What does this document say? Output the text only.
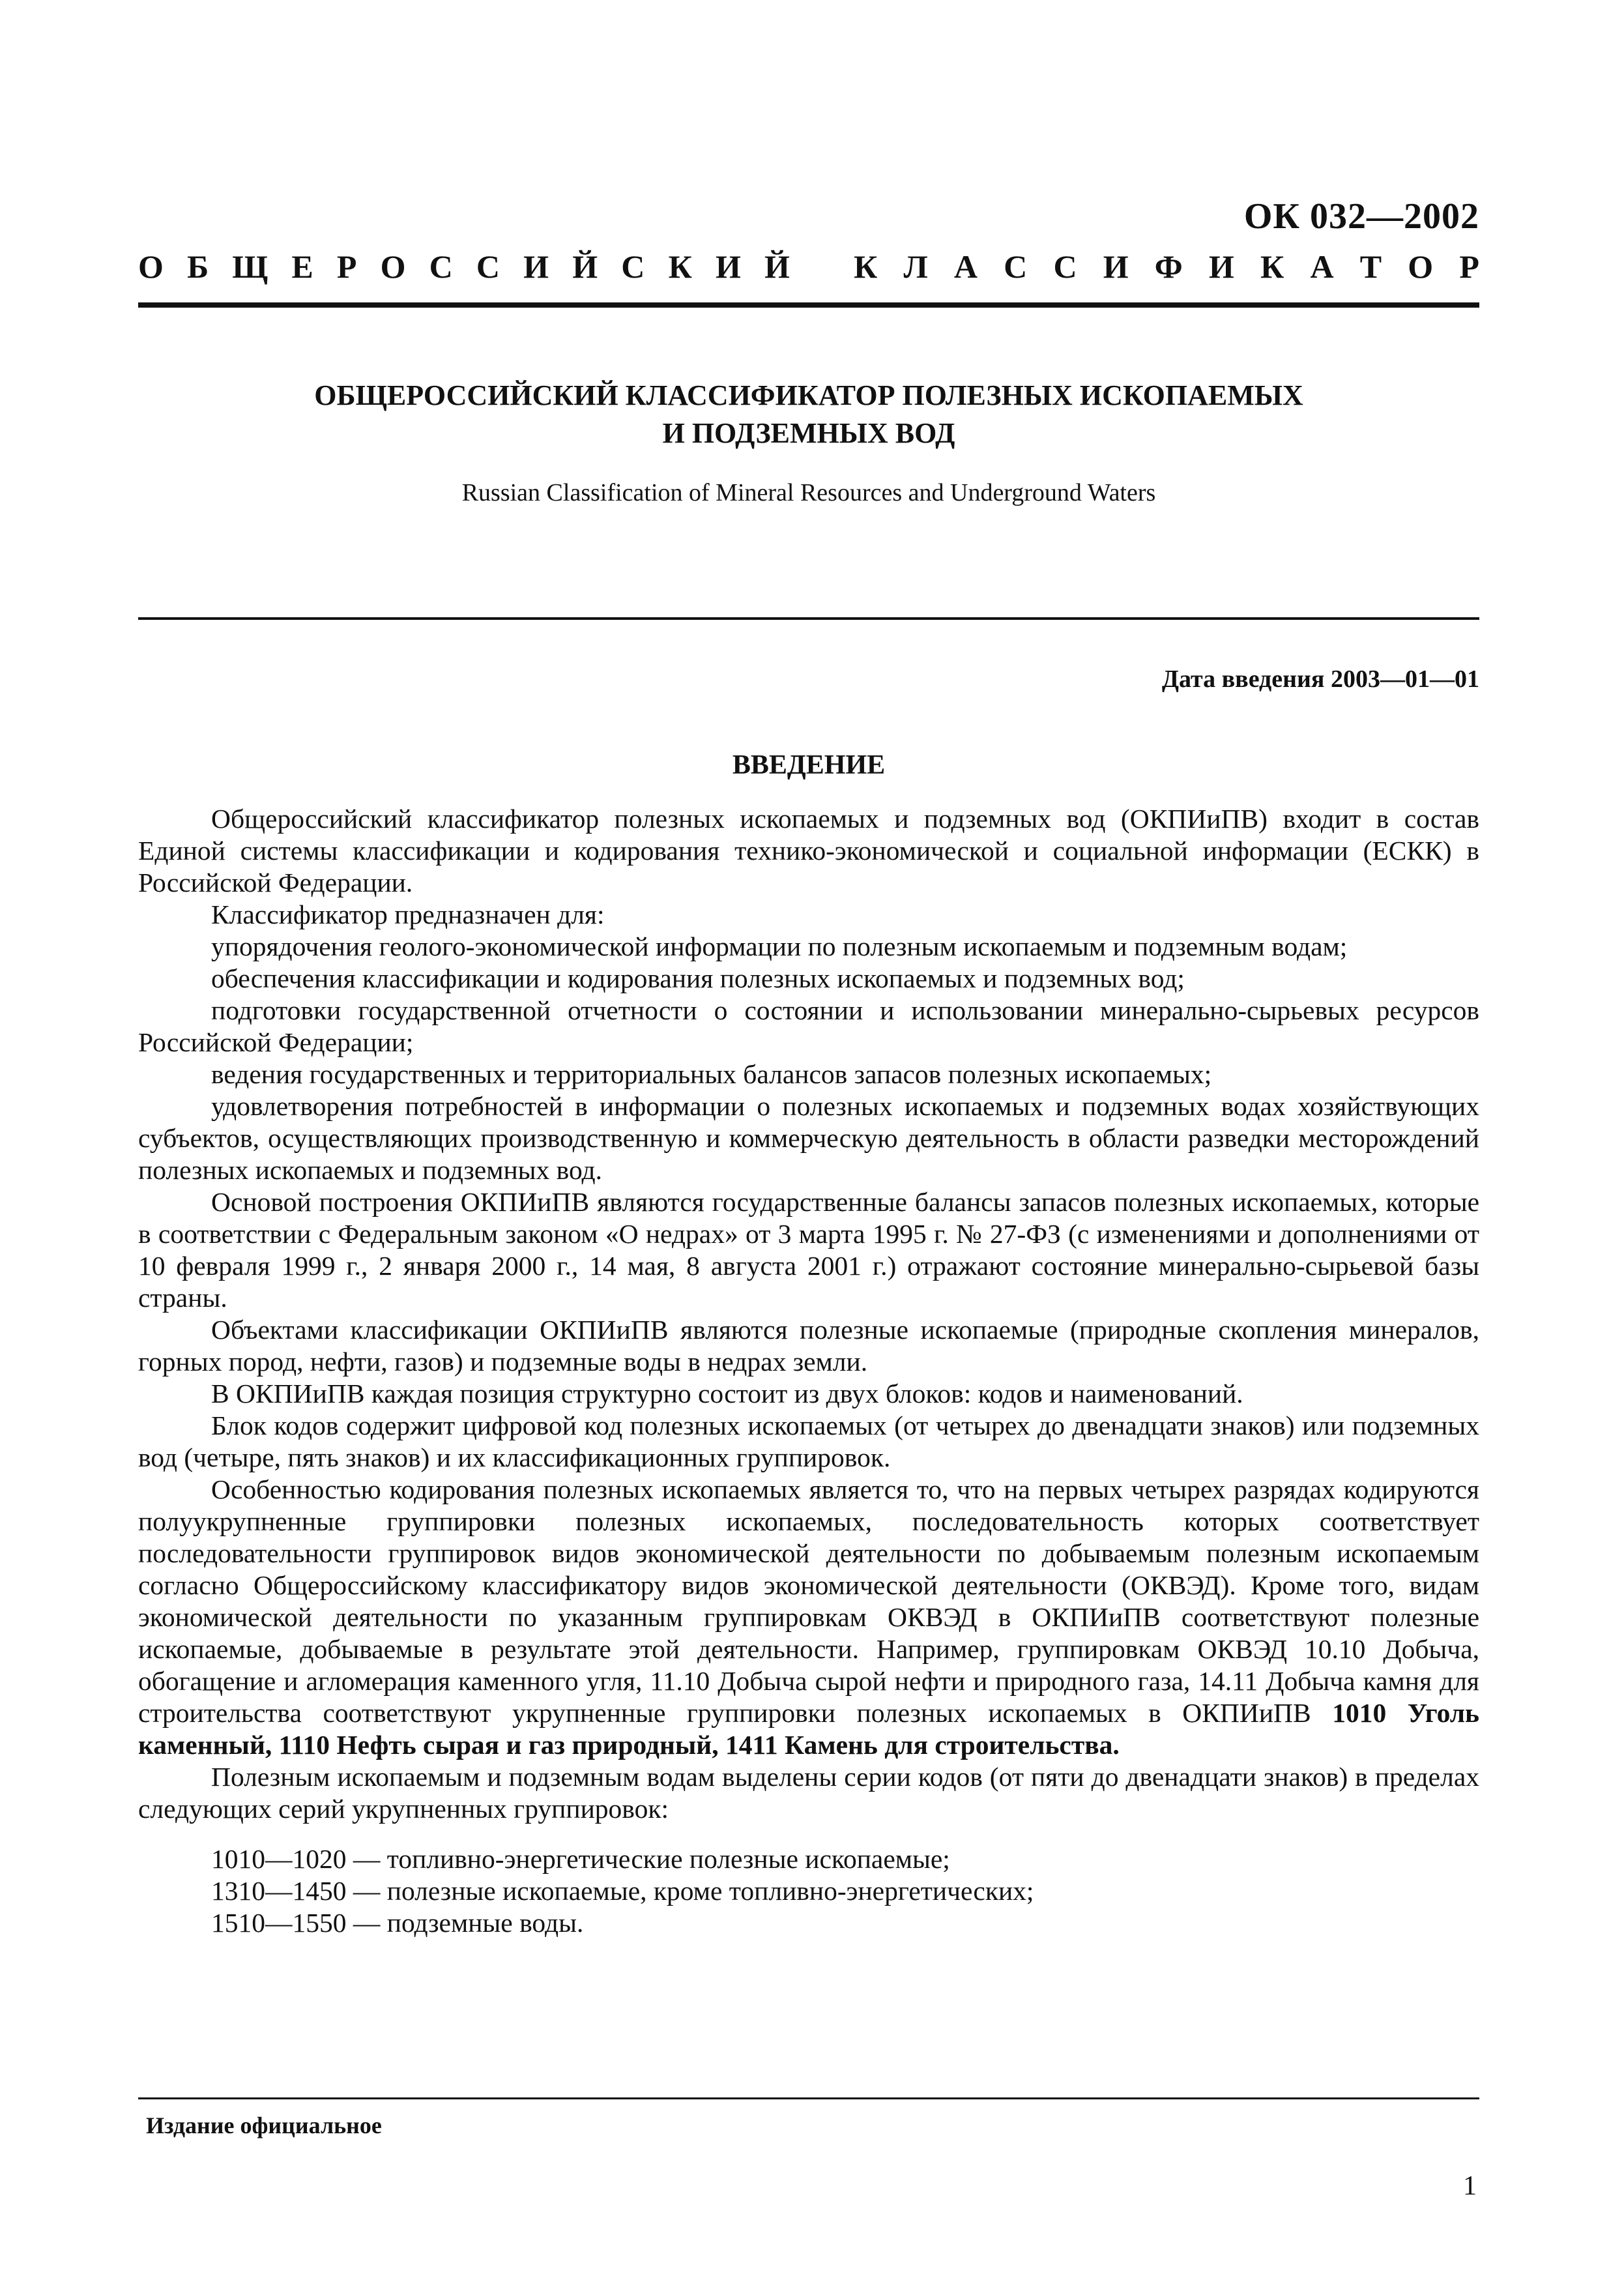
ОК 032—2002
О Б Щ Е Р О С С И Й С К И Й К Л А С С И Ф И К А Т О Р
ОБЩЕРОССИЙСКИЙ КЛАССИФИКАТОР ПОЛЕЗНЫХ ИСКОПАЕМЫХ
И ПОДЗЕМНЫХ ВОД
Russian Classification of Mineral Resources and Underground Waters
Дата введения 2003—01—01
ВВЕДЕНИЕ

Общероссийский классификатор полезных ископаемых и подземных вод (ОКПИиПВ) входит в состав Единой системы классификации и кодирования технико-экономической и социальной информации (ЕСКК) в Российской Федерации.

Классификатор предназначен для:

упорядочения геолого-экономической информации по полезным ископаемым и подземным водам;

обеспечения классификации и кодирования полезных ископаемых и подземных вод;

подготовки государственной отчетности о состоянии и использовании минерально-сырьевых ресурсов Российской Федерации;

ведения государственных и территориальных балансов запасов полезных ископаемых;

удовлетворения потребностей в информации о полезных ископаемых и подземных водах хозяйствующих субъектов, осуществляющих производственную и коммерческую деятельность в области разведки месторождений полезных ископаемых и подземных вод.

Основой построения ОКПИиПВ являются государственные балансы запасов полезных ископаемых, которые в соответствии с Федеральным законом «О недрах» от 3 марта 1995 г. № 27-ФЗ (с изменениями и дополнениями от 10 февраля 1999 г., 2 января 2000 г., 14 мая, 8 августа 2001 г.) отражают состояние минерально-сырьевой базы страны.

Объектами классификации ОКПИиПВ являются полезные ископаемые (природные скопления минералов, горных пород, нефти, газов) и подземные воды в недрах земли.

В ОКПИиПВ каждая позиция структурно состоит из двух блоков: кодов и наименований.

Блок кодов содержит цифровой код полезных ископаемых (от четырех до двенадцати знаков) или подземных вод (четыре, пять знаков) и их классификационных группировок.

Особенностью кодирования полезных ископаемых является то, что на первых четырех разрядах кодируются полуукрупненные группировки полезных ископаемых, последовательность которых соответствует последовательности группировок видов экономической деятельности по добываемым полезным ископаемым согласно Общероссийскому классификатору видов экономической деятельности (ОКВЭД). Кроме того, видам экономической деятельности по указанным группировкам ОКВЭД в ОКПИиПВ соответствуют полезные ископаемые, добываемые в результате этой деятельности. Например, группировкам ОКВЭД 10.10 Добыча, обогащение и агломерация каменного угля, 11.10 Добыча сырой нефти и природного газа, 14.11 Добыча камня для строительства соответствуют укрупненные группировки полезных ископаемых в ОКПИиПВ 1010 Уголь каменный, 1110 Нефть сырая и газ природный, 1411 Камень для строительства.

Полезным ископаемым и подземным водам выделены серии кодов (от пяти до двенадцати знаков) в пределах следующих серий укрупненных группировок:

1010—1020 — топливно-энергетические полезные ископаемые;
1310—1450 — полезные ископаемые, кроме топливно-энергетических;
1510—1550 — подземные воды.
Издание официальное
1
